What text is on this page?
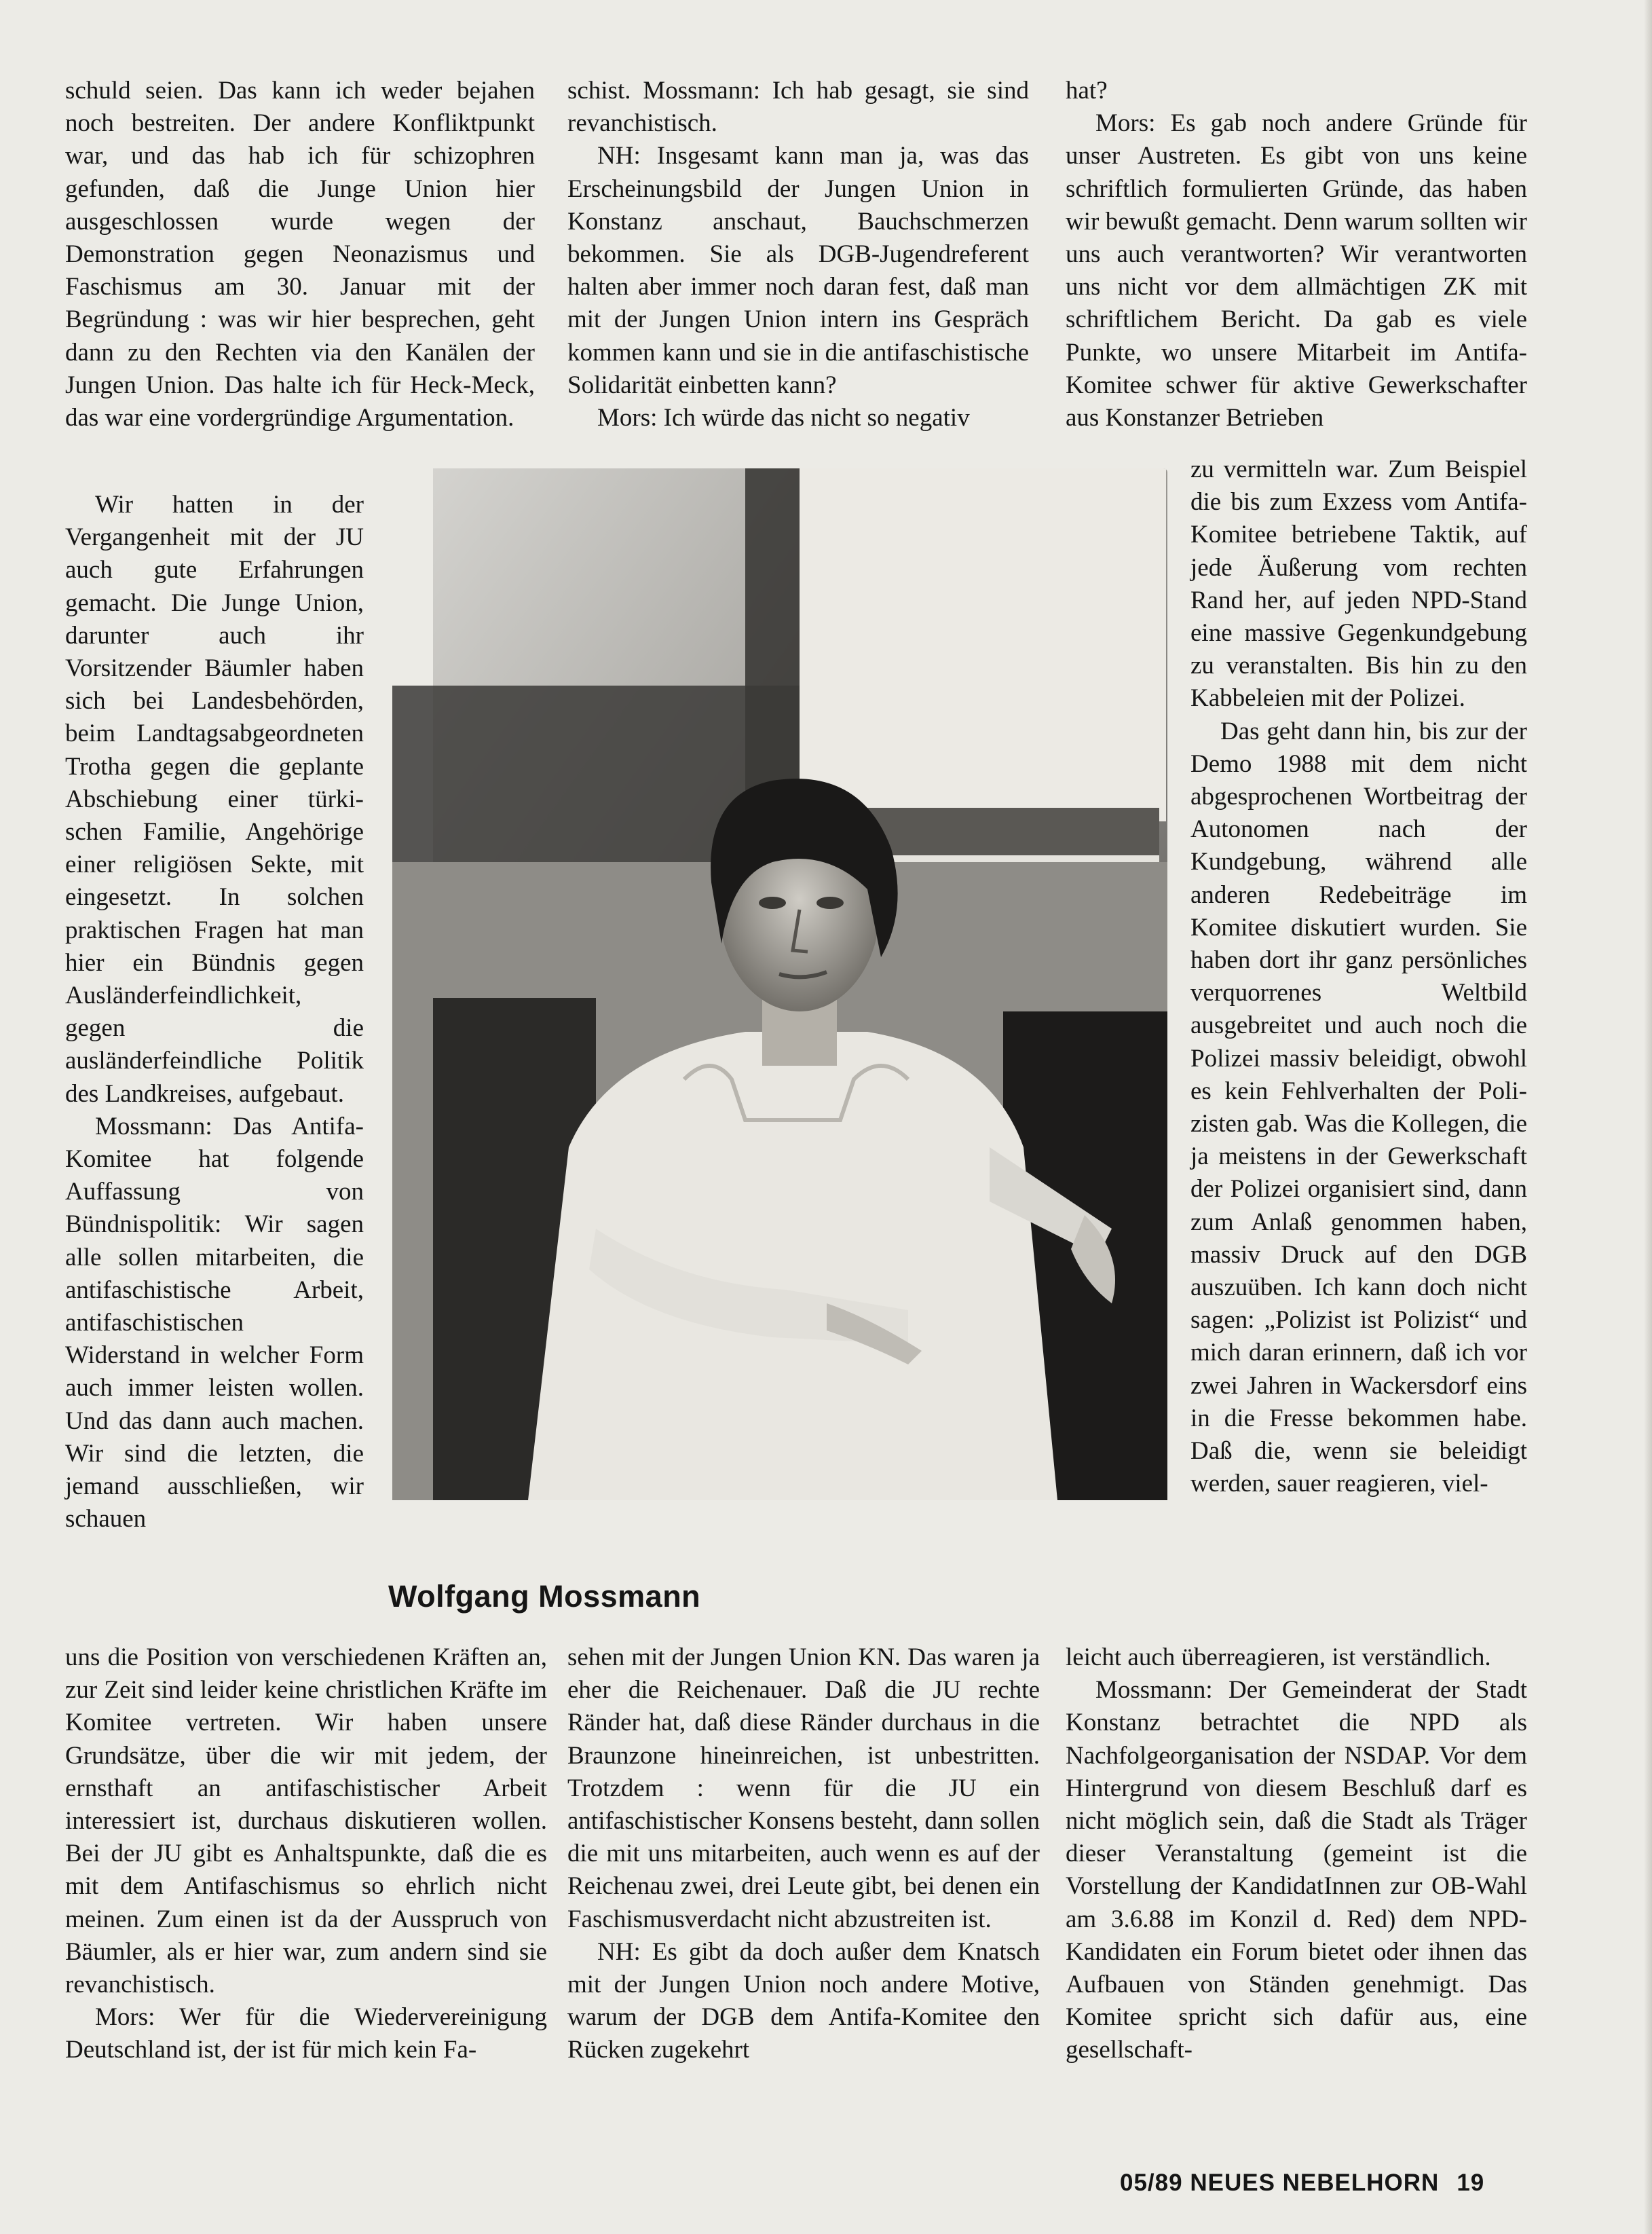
schuld seien. Das kann ich weder bejahen noch bestreiten. Der andere Konfliktpunkt war, und das hab ich für schizophren gefunden, daß die Junge Union hier ausgeschlossen wurde wegen der Demonstration gegen Neonazismus und Faschismus am 30. Januar mit der Begründung : was wir hier besprechen, geht dann zu den Rechten via den Kanälen der Jungen Union. Das halte ich für Heck-Meck, das war eine vordergründige Argumentation.

Wir hatten in der Vergangenheit mit der JU auch gute Erfahrungen gemacht. Die Junge Union, darunter auch ihr Vorsitzender Bäumler haben sich bei Landesbehörden, beim Landtagsabgeordneten Trotha gegen die geplante Abschiebung einer türkischen Familie, Angehörige einer religiösen Sekte, mit eingesetzt. In solchen praktischen Fragen hat man hier ein Bündnis gegen Ausländerfeindlichkeit, gegen die ausländerfeindliche Politik des Landkreises, aufgebaut.

Mossmann: Das Antifa-Komitee hat folgende Auffassung von Bündnispolitik: Wir sagen alle sollen mitarbeiten, die antifaschistische Arbeit, antifaschistischen Widerstand in welcher Form auch immer leisten wollen. Und das dann auch machen. Wir sind die letzten, die jemand ausschließen, wir schauen

uns die Position von verschiedenen Kräften an, zur Zeit sind leider keine christlichen Kräfte im Komitee vertreten. Wir haben unsere Grundsätze, über die wir mit jedem, der ernsthaft an antifaschistischer Arbeit interessiert ist, durchaus diskutieren wollen. Bei der JU gibt es Anhaltspunkte, daß die es mit dem Antifaschismus so ehrlich nicht meinen. Zum einen ist da der Ausspruch von Bäumler, als er hier war, zum andern sind sie revanchistisch.

Mors: Wer für die Wiedervereinigung Deutschland ist, der ist für mich kein Fa-

schist. Mossmann: Ich hab gesagt, sie sind revanchistisch.

NH: Insgesamt kann man ja, was das Erscheinungsbild der Jungen Union in Konstanz anschaut, Bauchschmerzen bekommen. Sie als DGB-Jugendreferent halten aber immer noch daran fest, daß man mit der Jungen Union intern ins Gespräch kommen kann und sie in die antifaschistische Solidarität einbetten kann?

Mors: Ich würde das nicht so negativ

sehen mit der Jungen Union KN. Das waren ja eher die Reichenauer. Daß die JU rechte Ränder hat, daß diese Ränder durchaus in die Braunzone hineinreichen, ist unbestritten. Trotzdem : wenn für die JU ein antifaschistischer Konsens besteht, dann sollen die mit uns mitarbeiten, auch wenn es auf der Reichenau zwei, drei Leute gibt, bei denen ein Faschismusverdacht nicht abzustreiten ist.

NH: Es gibt da doch außer dem Knatsch mit der Jungen Union noch andere Motive, warum der DGB dem Antifa-Komitee den Rücken zugekehrt

hat?

Mors: Es gab noch andere Gründe für unser Austreten. Es gibt von uns keine schriftlich formulierten Gründe, das haben wir bewußt gemacht. Denn warum sollten wir uns auch verantworten? Wir verantworten uns nicht vor dem allmächtigen ZK mit schriftlichem Bericht. Da gab es viele Punkte, wo unsere Mitarbeit im Antifa-Komitee schwer für aktive Gewerkschafter aus Konstanzer Betrieben

zu vermitteln war. Zum Beispiel die bis zum Exzess vom Antifa-Komitee betriebene Taktik, auf jede Äußerung vom rechten Rand her, auf jeden NPD-Stand eine massive Gegenkundgebung zu veranstalten. Bis hin zu den Kabbeleien mit der Polizei.

Das geht dann hin, bis zur der Demo 1988 mit dem nicht abgesprochenen Wortbeitrag der Autonomen nach der Kundgebung, während alle anderen Redebeiträge im Komitee diskutiert wurden. Sie haben dort ihr ganz persönliches verquorrenes Weltbild ausgebreitet und auch noch die Polizei massiv beleidigt, obwohl es kein Fehlverhalten der Polizisten gab. Was die Kollegen, die ja meistens in der Gewerkschaft der Polizei organisiert sind, dann zum Anlaß genommen haben, massiv Druck auf den DGB auszuüben. Ich kann doch nicht sagen: „Polizist ist Polizist“ und mich daran erinnern, daß ich vor zwei Jahren in Wackersdorf eins in die Fresse bekommen habe. Daß die, wenn sie beleidigt werden, sauer reagieren, viel-

leicht auch überreagieren, ist verständlich.

Mossmann: Der Gemeinderat der Stadt Konstanz betrachtet die NPD als Nachfolgeorganisation der NSDAP. Vor dem Hintergrund von diesem Beschluß darf es nicht möglich sein, daß die Stadt als Träger dieser Veranstaltung (gemeint ist die Vorstellung der KandidatInnen zur OB-Wahl am 3.6.88 im Konzil d. Red) dem NPD-Kandidaten ein Forum bietet oder ihnen das Aufbauen von Ständen genehmigt. Das Komitee spricht sich dafür aus, eine gesellschaft-

Wolfgang Mossmann
05/89 NEUES NEBELHORN 19
